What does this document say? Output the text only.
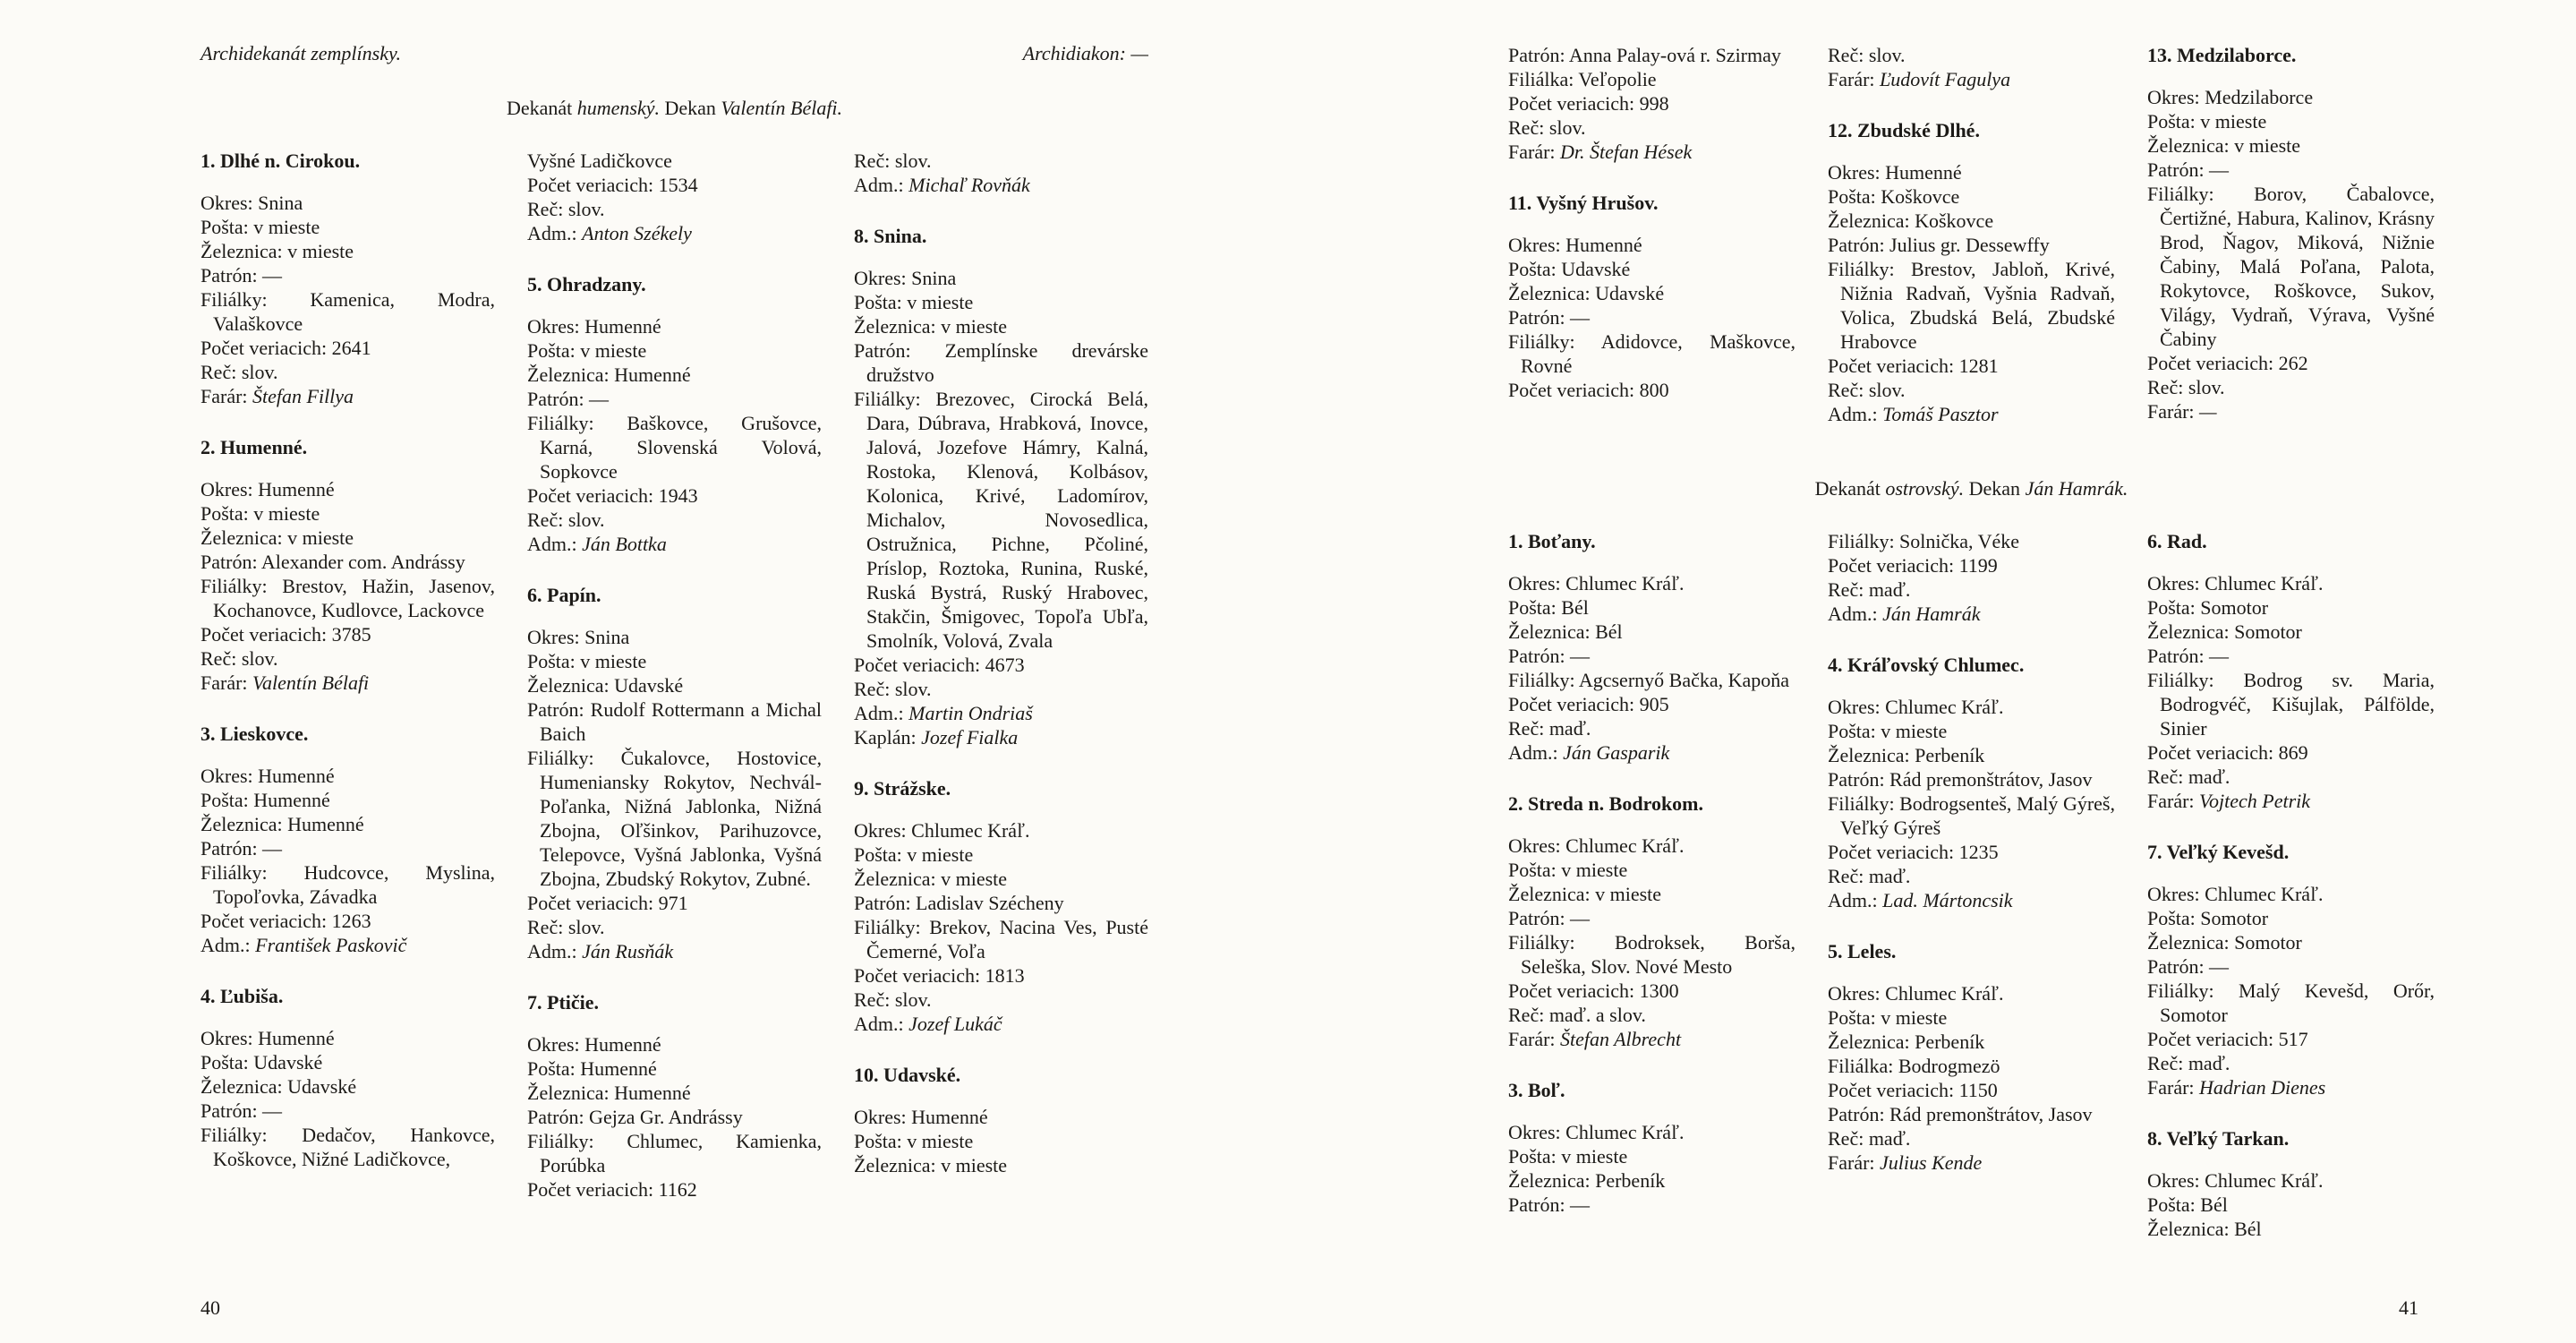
Archidekanát zemplínsky.	Archidiakon: —

Dekanát humenský. Dekan Valentín Bélafi.

1. Dlhé n. Cirokou.

Okres: Snina

Pošta: v mieste

Železnica: v mieste

Patrón: —

Filiálky: Kamenica, Modra, Valaškovce

Počet veriacich: 2641

Reč: slov.

Farár: Štefan Fillya

2. Humenné.

Okres: Humenné

Pošta: v mieste

Železnica: v mieste

Patrón: Alexander com. Andrássy

Filiálky: Brestov, Hažin, Jasenov, Kochanovce, Kudlovce, Lackovce

Počet veriacich: 3785

Reč: slov.

Farár: Valentín Bélafi

3. Lieskovce.

Okres: Humenné

Pošta: Humenné

Železnica: Humenné

Patrón: —

Filiálky: Hudcovce, Myslina, Topoľovka, Závadka

Počet veriacich: 1263

Adm.: František Paskovič

4. Ľubiša.

Okres: Humenné

Pošta: Udavské

Železnica: Udavské

Patrón: —

Filiálky: Dedačov, Hankovce, Koškovce, Nižné Ladičkovce,

Vyšné Ladičkovce

Počet veriacich: 1534

Reč: slov.

Adm.: Anton Székely

5. Ohradzany.

Okres: Humenné

Pošta: v mieste

Železnica: Humenné

Patrón: —

Filiálky: Baškovce, Grušovce, Karná, Slovenská Volová, Sopkovce

Počet veriacich: 1943

Reč: slov.

Adm.: Ján Bottka

6. Papín.

Okres: Snina

Pošta: v mieste

Železnica: Udavské

Patrón: Rudolf Rottermann a Michal Baich

Filiálky: Čukalovce, Hostovice, Humeniansky Rokytov, Nechvál-Poľanka, Nižná Jablonka, Nižná Zbojna, Oľšinkov, Parihuzovce, Telepovce, Vyšná Jablonka, Vyšná Zbojna, Zbudský Rokytov, Zubné.

Počet veriacich: 971

Reč: slov.

Adm.: Ján Rusňák

7. Ptičie.

Okres: Humenné

Pošta: Humenné

Železnica: Humenné

Patrón: Gejza Gr. Andrássy

Filiálky: Chlumec, Kamienka, Porúbka

Počet veriacich: 1162

Reč: slov.

Adm.: Michaľ Rovňák

8. Snina.

Okres: Snina

Pošta: v mieste

Železnica: v mieste

Patrón: Zemplínske drevárske družstvo

Filiálky: Brezovec, Cirocká Belá, Dara, Dúbrava, Hrabková, Inovce, Jalová, Jozefove Hámry, Kalná, Rostoka, Klenová, Kolbásov, Kolonica, Krivé, Ladomírov, Michalov, Novosedlica, Ostružnica, Pichne, Pčoliné, Príslop, Roztoka, Runina, Ruské, Ruská Bystrá, Ruský Hrabovec, Stakčin, Šmigovec, Topoľa Ubľa, Smolník, Volová, Zvala

Počet veriacich: 4673

Reč: slov.

Adm.: Martin Ondriaš

Kaplán: Jozef Fialka

9. Strážske.

Okres: Chlumec Kráľ.

Pošta: v mieste

Železnica: v mieste

Patrón: Ladislav Szécheny

Filiálky: Brekov, Nacina Ves, Pusté Čemerné, Voľa

Počet veriacich: 1813

Reč: slov.

Adm.: Jozef Lukáč

10. Udavské.

Okres: Humenné

Pošta: v mieste

Železnica: v mieste

40

Patrón: Anna Palay-ová r. Szirmay

Filiálka: Veľopolie

Počet veriacich: 998

Reč: slov.

Farár: Dr. Štefan Hések

11. Vyšný Hrušov.

Okres: Humenné

Pošta: Udavské

Železnica: Udavské

Patrón: —

Filiálky: Adidovce, Maškovce, Rovné

Počet veriacich: 800

Reč: slov.

Farár: Ľudovít Fagulya

12. Zbudské Dlhé.

Okres: Humenné

Pošta: Koškovce

Železnica: Koškovce

Patrón: Julius gr. Dessewffy

Filiálky: Brestov, Jabloň, Krivé, Nižnia Radvaň, Vyšnia Radvaň, Volica, Zbudská Belá, Zbudské Hrabovce

Počet veriacich: 1281

Reč: slov.

Adm.: Tomáš Pasztor

13. Medzilaborce.

Okres: Medzilaborce

Pošta: v mieste

Železnica: v mieste

Patrón: —

Filiálky: Borov, Čabalovce, Čertižné, Habura, Kalinov, Krásny Brod, Ňagov, Miková, Nižnie Čabiny, Malá Poľana, Palota, Rokytovce, Roškovce, Sukov, Világy, Vydraň, Výrava, Vyšné Čabiny

Počet veriacich: 262

Reč: slov.

Farár: —

Dekanát ostrovský. Dekan Ján Hamrák.

1. Boťany.

Okres: Chlumec Kráľ.

Pošta: Bél

Železnica: Bél

Patrón: —

Filiálky: Agcsernyő Bačka, Kapoňa

Počet veriacich: 905

Reč: maď.

Adm.: Ján Gasparik

2. Streda n. Bodrokom.

Okres: Chlumec Kráľ.

Pošta: v mieste

Železnica: v mieste

Patrón: —

Filiálky: Bodroksek, Borša, Seleška, Slov. Nové Mesto

Počet veriacich: 1300

Reč: maď. a slov.

Farár: Štefan Albrecht

3. Boľ.

Okres: Chlumec Kráľ.

Pošta: v mieste

Železnica: Perbeník

Patrón: —

Filiálky: Solnička, Véke

Počet veriacich: 1199

Reč: maď.

Adm.: Ján Hamrák

4. Kráľovský Chlumec.

Okres: Chlumec Kráľ.

Pošta: v mieste

Železnica: Perbeník

Patrón: Rád premonštrátov, Jasov

Filiálky: Bodrogsenteš, Malý Gýreš, Veľký Gýreš

Počet veriacich: 1235

Reč: maď.

Adm.: Lad. Mártoncsik

5. Leles.

Okres: Chlumec Kráľ.

Pošta: v mieste

Železnica: Perbeník

Filiálka: Bodrogmezö

Počet veriacich: 1150

Patrón: Rád premonštrátov, Jasov

Reč: maď.

Farár: Julius Kende

6. Rad.

Okres: Chlumec Kráľ.

Pošta: Somotor

Železnica: Somotor

Patrón: —

Filiálky: Bodrog sv. Maria, Bodrogvéč, Kišujlak, Pálfölde, Sinier

Počet veriacich: 869

Reč: maď.

Farár: Vojtech Petrik

7. Veľký Kevešd.

Okres: Chlumec Kráľ.

Pošta: Somotor

Železnica: Somotor

Patrón: —

Filiálky: Malý Kevešd, Orőr, Somotor

Počet veriacich: 517

Reč: maď.

Farár: Hadrian Dienes

8. Veľký Tarkan.

Okres: Chlumec Kráľ.

Pošta: Bél

Železnica: Bél

41
